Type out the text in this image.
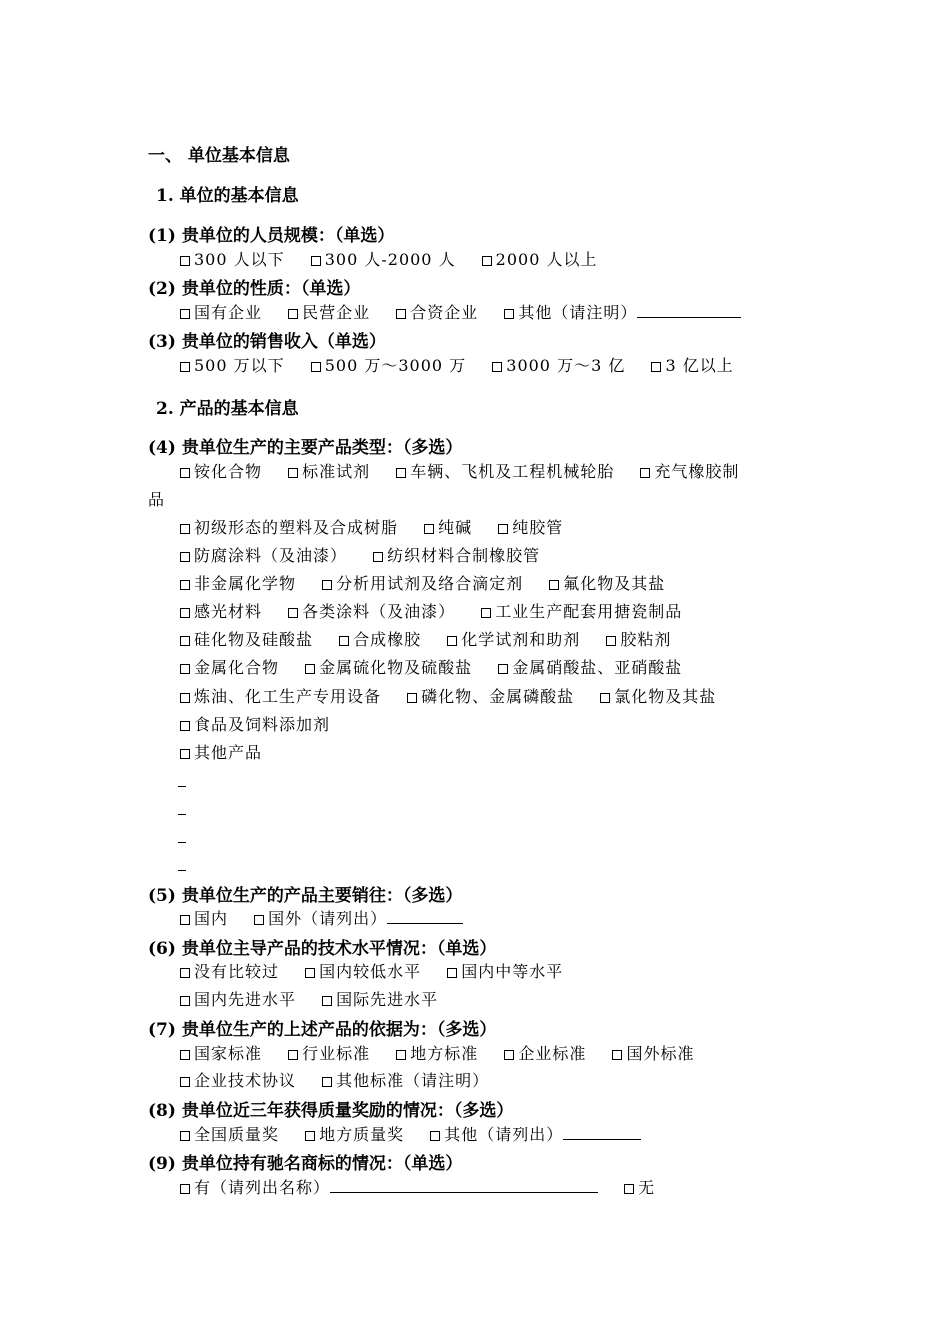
一、 单位基本信息
1. 单位的基本信息
(1) 贵单位的人员规模：（单选）
300 人以下	300 人-2000 人	2000 人以上
(2) 贵单位的性质：（单选）
国有企业	民营企业	合资企业	其他（请注明）
(3) 贵单位的销售收入（单选）
500 万以下	500 万～3000 万	3000 万～3 亿	3 亿以上
2. 产品的基本信息
(4) 贵单位生产的主要产品类型：（多选）
铵化合物	标准试剂	车辆、飞机及工程机械轮胎	充气橡胶制
品
初级形态的塑料及合成树脂	纯碱	纯胶管
防腐涂料（及油漆）	纺织材料合制橡胶管
非金属化学物	分析用试剂及络合滴定剂	氟化物及其盐
感光材料	各类涂料（及油漆）	工业生产配套用搪瓷制品
硅化物及硅酸盐	合成橡胶	化学试剂和助剂	胶粘剂
金属化合物	金属硫化物及硫酸盐	金属硝酸盐、亚硝酸盐
炼油、化工生产专用设备	磷化物、金属磷酸盐	氯化物及其盐
食品及饲料添加剂
其他产品
(5) 贵单位生产的产品主要销往：（多选）
国内	国外（请列出）
(6) 贵单位主导产品的技术水平情况：（单选）
没有比较过	国内较低水平	国内中等水平
国内先进水平	国际先进水平
(7) 贵单位生产的上述产品的依据为：（多选）
国家标准	行业标准	地方标准	企业标准	国外标准
企业技术协议	其他标准（请注明）
(8) 贵单位近三年获得质量奖励的情况：（多选）
全国质量奖	地方质量奖	其他（请列出）
(9) 贵单位持有驰名商标的情况：（单选）
有（请列出名称）	无
